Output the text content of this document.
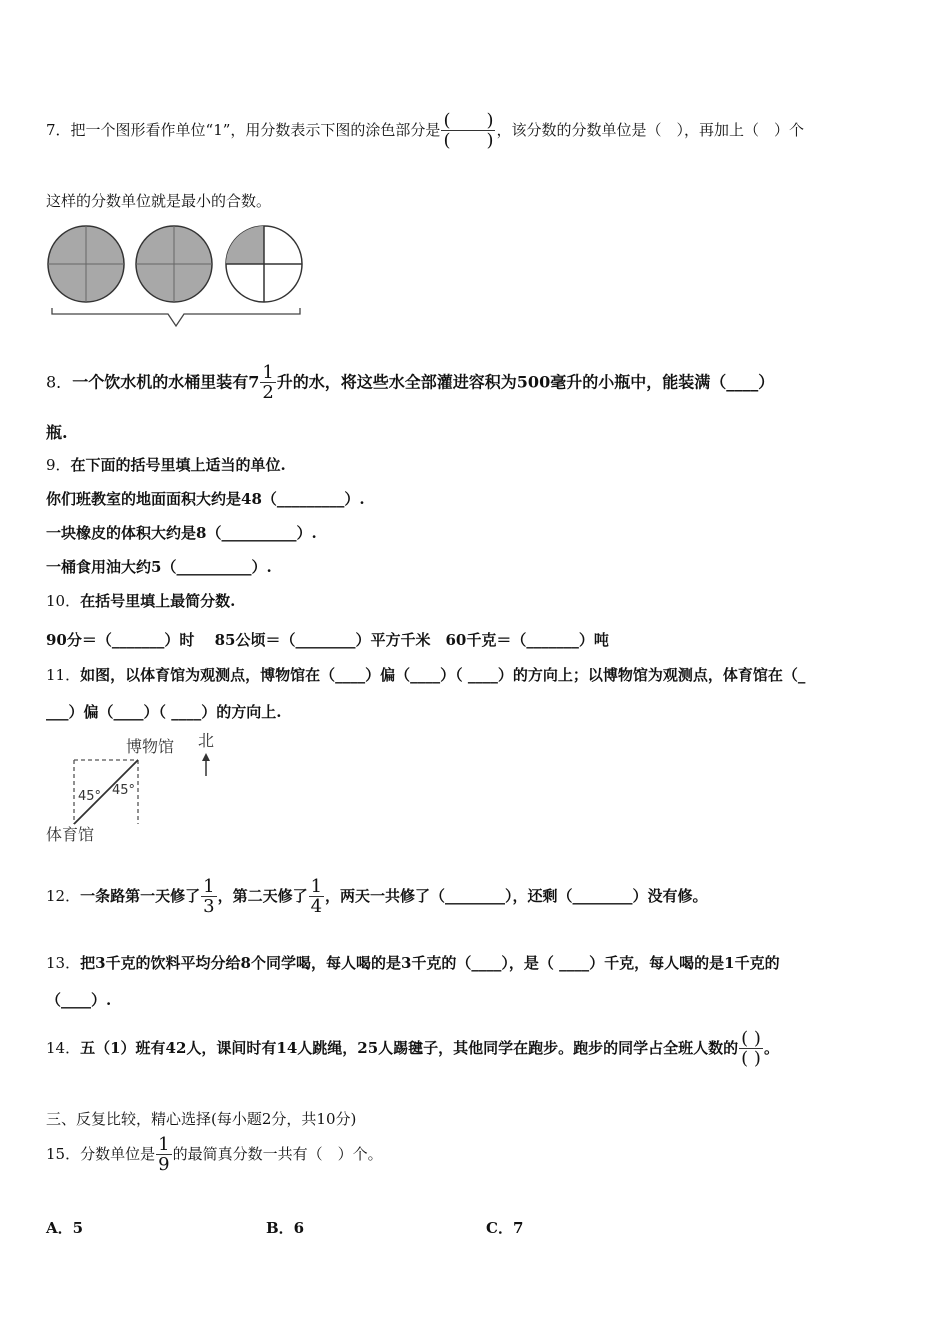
7．把一个图形看作单位“1”，用分数表示下图的涂色部分是 $\frac{( )}{( )}$ ，该分数的分数单位是（　），再加上（　）个
这样的分数单位就是最小的合数。
8．一个饮水机的水桶里装有$7 \frac{1}{2}$ 升的水，将这些水全部灌进容积为500毫升的小瓶中，能装满（____）
瓶.
9．在下面的括号里填上适当的单位.
你们班教室的地面面积大约是48（_________）.
一块橡皮的体积大约是8（__________）.
一桶食用油大约5（__________）.
10．在括号里填上最简分数.
90分＝（_______）时　 85公顷＝（________）平方千米　60千克＝（_______）吨
11．如图，以体育馆为观测点，博物馆在（____）偏（____）（ ____）的方向上；以博物馆为观测点，体育馆在（_
___）偏（____）（ ____）的方向上.
博物馆
体育馆
45° 45°
北
12．一条路第一天修了 $\frac{1}{3}$ ，第二天修了 $\frac{1}{4}$ ，两天一共修了（________），还剩（________）没有修。
13．把3千克的饮料平均分给8个同学喝，每人喝的是3千克的（____），是（ ____）千克，每人喝的是1千克的
（____）.
14．五（1）班有42人，课间时有14人跳绳，25人踢毽子，其他同学在跑步。跑步的同学占全班人数的 $\frac{( )}{( )}$ 。
三、反复比较，精心选择(每小题2分，共10分)
15．分数单位是 $\frac{1}{9}$ 的最简真分数一共有（　）个。
A．5	B．6	C．7
